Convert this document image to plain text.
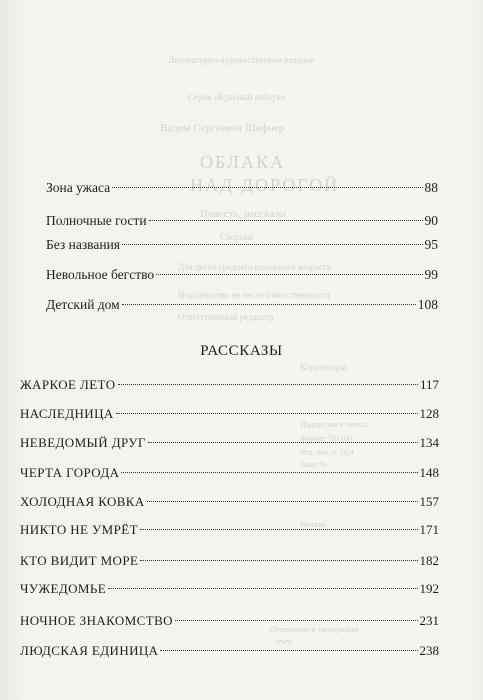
Литературно-художественное издание
Серия «Красный каблук»
Вадим Сергеевич Шефнер
ОБЛАКА
НАД ДОРОГОЙ
Повесть, рассказы
Сборник
Для детей среднего школьного возраста
Издательство не несет ответственности
Ответственный редактор
Корректоры
Подписано в печать
Формат 70х100
Усл. печ. л. 10,4
Заказ №
Москва
Отпечатано в типографии
www
Зона ужаса	88
Полночные гости	90
Без названия	95
Невольное бегство	99
Детский дом	108
РАССКАЗЫ
ЖАРКОЕ ЛЕТО	117
НАСЛЕДНИЦА	128
НЕВЕДОМЫЙ ДРУГ	134
ЧЕРТА ГОРОДА	148
ХОЛОДНАЯ КОВКА	157
НИКТО НЕ УМРЁТ	171
КТО ВИДИТ МОРЕ	182
ЧУЖЕДОМЬЕ	192
НОЧНОЕ ЗНАКОМСТВО	231
ЛЮДСКАЯ ЕДИНИЦА	238
